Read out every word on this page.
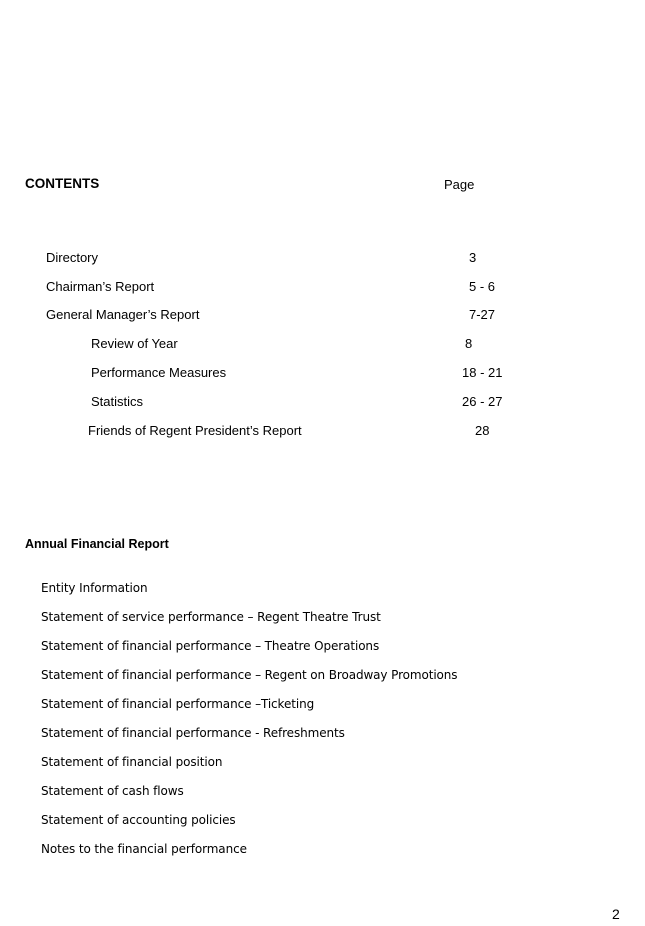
CONTENTS	Page
Directory	3
Chairman’s Report	5 - 6
General Manager’s Report	7-27
Review of Year	8
Performance Measures	18 - 21
Statistics	26 - 27
Friends of Regent President’s Report	28
Annual Financial Report
Entity Information
Statement of service performance – Regent Theatre Trust
Statement of financial performance – Theatre Operations
Statement of financial performance – Regent on Broadway Promotions
Statement of financial performance –Ticketing
Statement of financial performance - Refreshments
Statement of financial position
Statement of cash flows
Statement of accounting policies
Notes to the financial performance
2
